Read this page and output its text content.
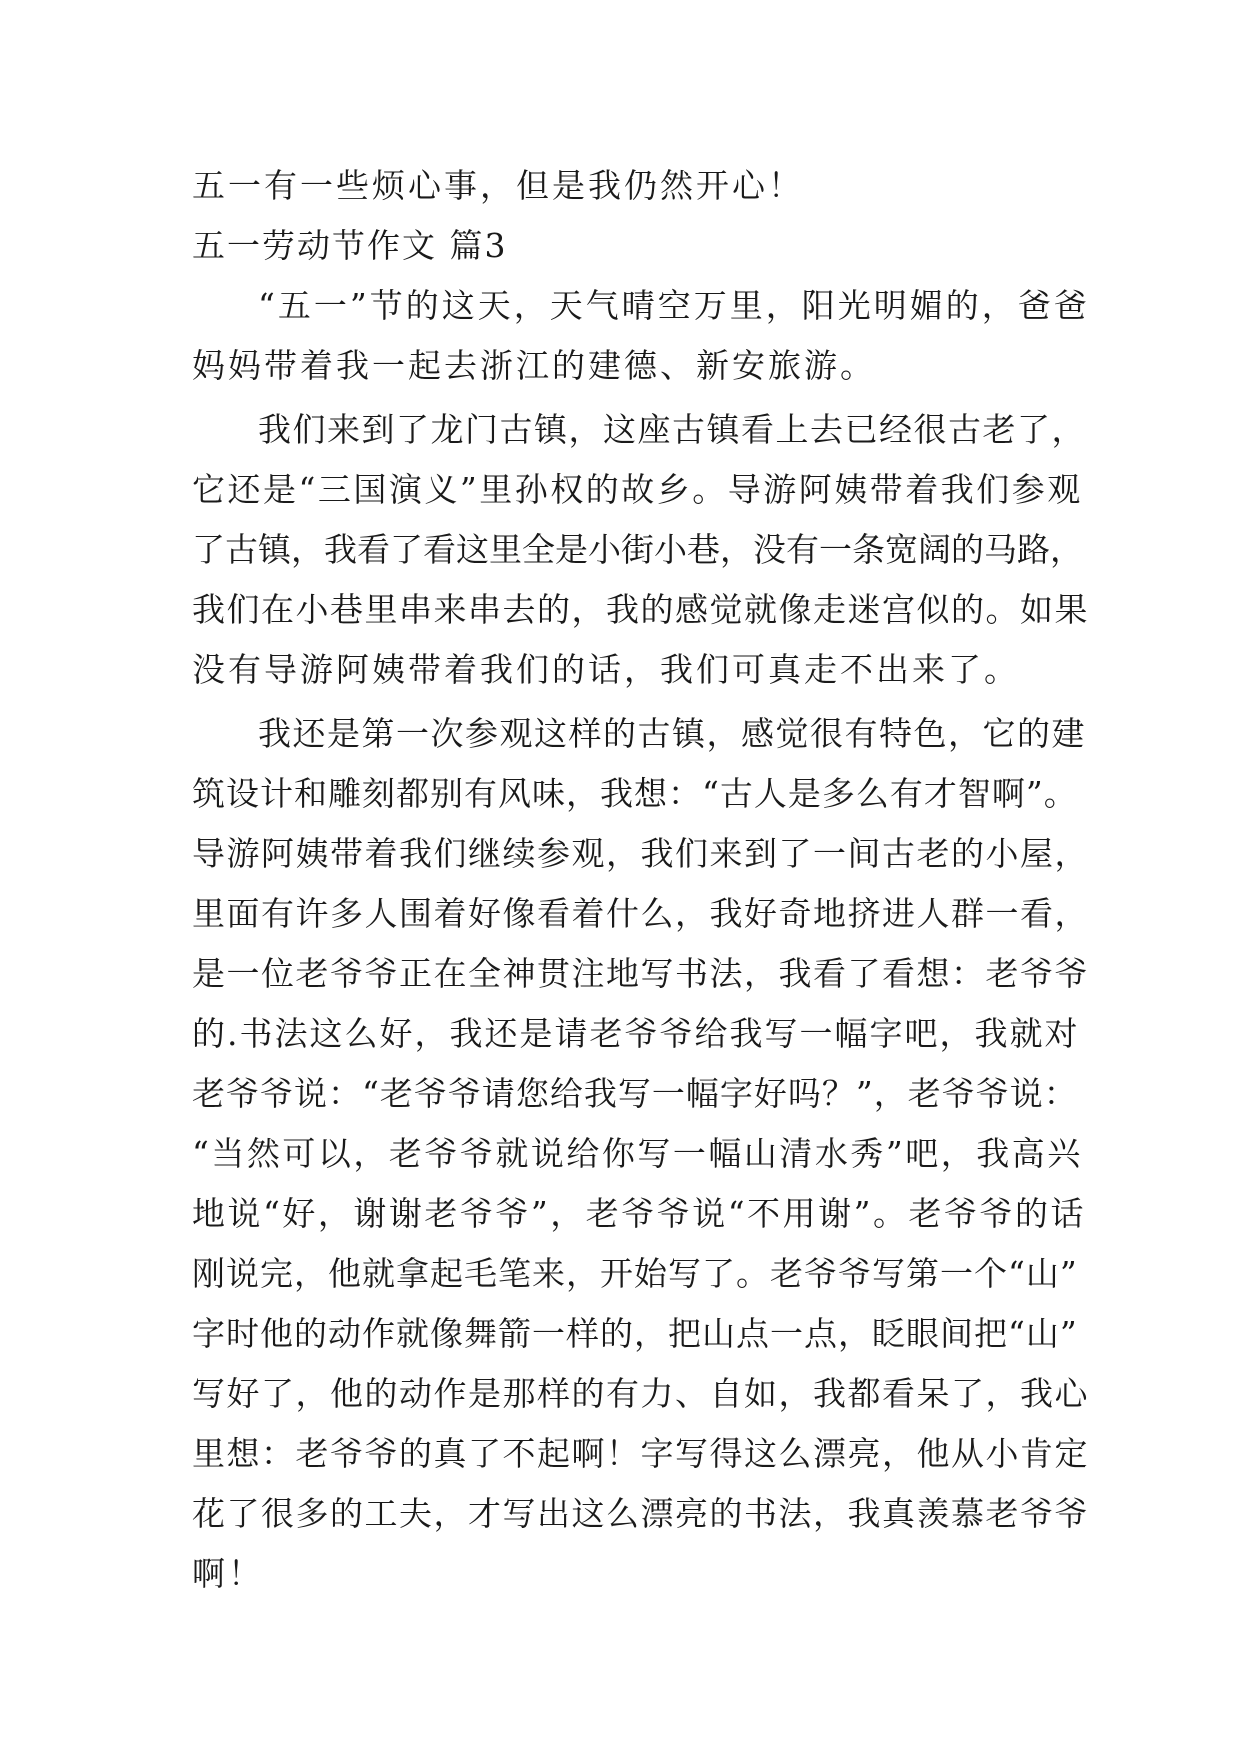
五一有一些烦心事，但是我仍然开心！

五一劳动节作文 篇3

“五一”节的这天，天气晴空万里，阳光明媚的，爸爸

妈妈带着我一起去浙江的建德、新安旅游。

我们来到了龙门古镇，这座古镇看上去已经很古老了，

它还是“三国演义”里孙权的故乡。导游阿姨带着我们参观

了古镇，我看了看这里全是小街小巷，没有一条宽阔的马路，

我们在小巷里串来串去的，我的感觉就像走迷宫似的。如果

没有导游阿姨带着我们的话，我们可真走不出来了。

我还是第一次参观这样的古镇，感觉很有特色，它的建

筑设计和雕刻都别有风味，我想：“古人是多么有才智啊”。

导游阿姨带着我们继续参观，我们来到了一间古老的小屋，

里面有许多人围着好像看着什么，我好奇地挤进人群一看，

是一位老爷爷正在全神贯注地写书法，我看了看想：老爷爷

的.书法这么好，我还是请老爷爷给我写一幅字吧，我就对

老爷爷说：“老爷爷请您给我写一幅字好吗？”，老爷爷说：

“当然可以，老爷爷就说给你写一幅山清水秀”吧，我高兴

地说“好，谢谢老爷爷”，老爷爷说“不用谢”。老爷爷的话

刚说完，他就拿起毛笔来，开始写了。老爷爷写第一个“山”

字时他的动作就像舞箭一样的，把山点一点，眨眼间把“山”

写好了，他的动作是那样的有力、自如，我都看呆了，我心

里想：老爷爷的真了不起啊！字写得这么漂亮，他从小肯定

花了很多的工夫，才写出这么漂亮的书法，我真羡慕老爷爷

啊！
